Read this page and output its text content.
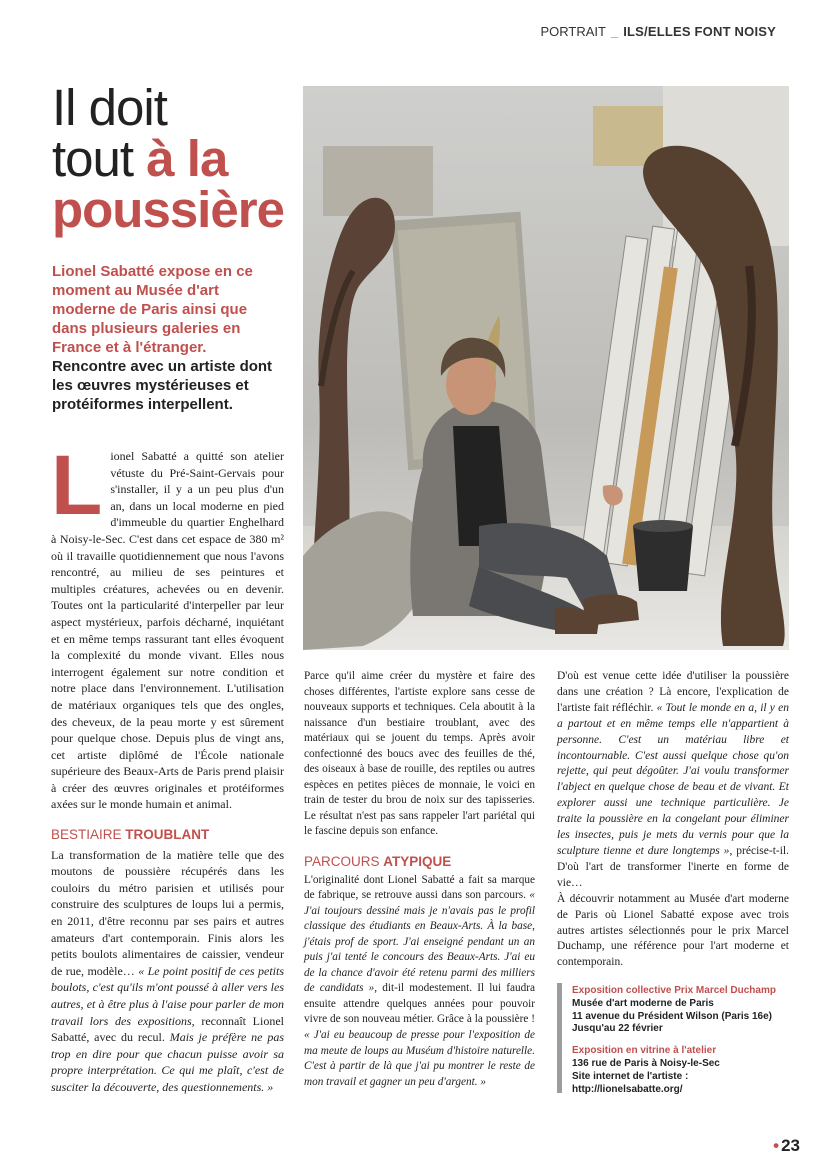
PORTRAIT _ ILS/ELLES FONT NOISY
Il doit
tout à la
poussière
Lionel Sabatté expose en ce moment au Musée d'art moderne de Paris ainsi que dans plusieurs galeries en France et à l'étranger.
Rencontre avec un artiste dont les œuvres mystérieuses et protéiformes interpellent.

Lionel Sabatté a quitté son atelier vétuste du Pré-Saint-Gervais pour s'installer, il y a un peu plus d'un an, dans un local moderne en pied d'immeuble du quartier Enghelhard à Noisy-le-Sec. C'est dans cet espace de 380 m² où il travaille quotidiennement que nous l'avons rencontré, au milieu de ses peintures et multiples créatures, achevées ou en devenir. Toutes ont la particularité d'interpeller par leur aspect mystérieux, parfois décharné, inquiétant et en même temps rassurant tant elles évoquent la complexité du monde vivant. Elles nous interrogent également sur notre condition et notre place dans l'environnement. L'utilisation de matériaux organiques tels que des ongles, des cheveux, de la peau morte y est sûrement pour quelque chose. Depuis plus de vingt ans, cet artiste diplômé de l'École nationale supérieure des Beaux-Arts de Paris prend plaisir à créer des œuvres originales et protéiformes axées sur le monde humain et animal.

BESTIAIRE TROUBLANT

La transformation de la matière telle que des moutons de poussière récupérés dans les couloirs du métro parisien et utilisés pour construire des sculptures de loups lui a permis, en 2011, d'être reconnu par ses pairs et autres amateurs d'art contemporain. Finis alors les petits boulots alimentaires de caissier, vendeur de rue, modèle… « Le point positif de ces petits boulots, c'est qu'ils m'ont poussé à aller vers les autres, et à être plus à l'aise pour parler de mon travail lors des expositions, reconnaît Lionel Sabatté, avec du recul. Mais je préfère ne pas trop en dire pour que chacun puisse avoir sa propre interprétation. Ce qui me plaît, c'est de susciter la découverte, des questionnements. »

Parce qu'il aime créer du mystère et faire des choses différentes, l'artiste explore sans cesse de nouveaux supports et techniques. Cela aboutit à la naissance d'un bestiaire troublant, avec des matériaux qui se jouent du temps. Après avoir confectionné des boucs avec des feuilles de thé, des oiseaux à base de rouille, des reptiles ou autres espèces en petites pièces de monnaie, le voici en train de tester du brou de noix sur des tapisseries. Le résultat n'est pas sans rappeler l'art pariétal qui le fascine depuis son enfance.

PARCOURS ATYPIQUE

L'originalité dont Lionel Sabatté a fait sa marque de fabrique, se retrouve aussi dans son parcours. « J'ai toujours dessiné mais je n'avais pas le profil classique des étudiants en Beaux-Arts. À la base, j'étais prof de sport. J'ai enseigné pendant un an puis j'ai tenté le concours des Beaux-Arts. J'ai eu de la chance d'avoir été retenu parmi des milliers de candidats », dit-il modestement. Il lui faudra ensuite attendre quelques années pour pouvoir vivre de son nouveau métier. Grâce à la poussière ! « J'ai eu beaucoup de presse pour l'exposition de ma meute de loups au Muséum d'histoire naturelle. C'est à partir de là que j'ai pu montrer le reste de mon travail et gagner un peu d'argent. »

D'où est venue cette idée d'utiliser la poussière dans une création ? Là encore, l'explication de l'artiste fait réfléchir. « Tout le monde en a, il y en a partout et en même temps elle n'appartient à personne. C'est un matériau libre et incontournable. C'est aussi quelque chose qu'on rejette, qui peut dégoûter. J'ai voulu transformer l'abject en quelque chose de beau et de vivant. Et explorer aussi une technique particulière. Je traite la poussière en la congelant pour éliminer les insectes, puis je mets du vernis pour que la sculpture tienne et dure longtemps », précise-t-il. D'où l'art de transformer l'inerte en forme de vie…

À découvrir notamment au Musée d'art moderne de Paris où Lionel Sabatté expose avec trois autres artistes sélectionnés pour le prix Marcel Duchamp, une référence pour l'art moderne et contemporain.

Exposition collective Prix Marcel Duchamp
Musée d'art moderne de Paris
11 avenue du Président Wilson (Paris 16e)
Jusqu'au 22 février
Exposition en vitrine à l'atelier
136 rue de Paris à Noisy-le-Sec
Site internet de l'artiste : http://lionelsabatte.org/
• 23
